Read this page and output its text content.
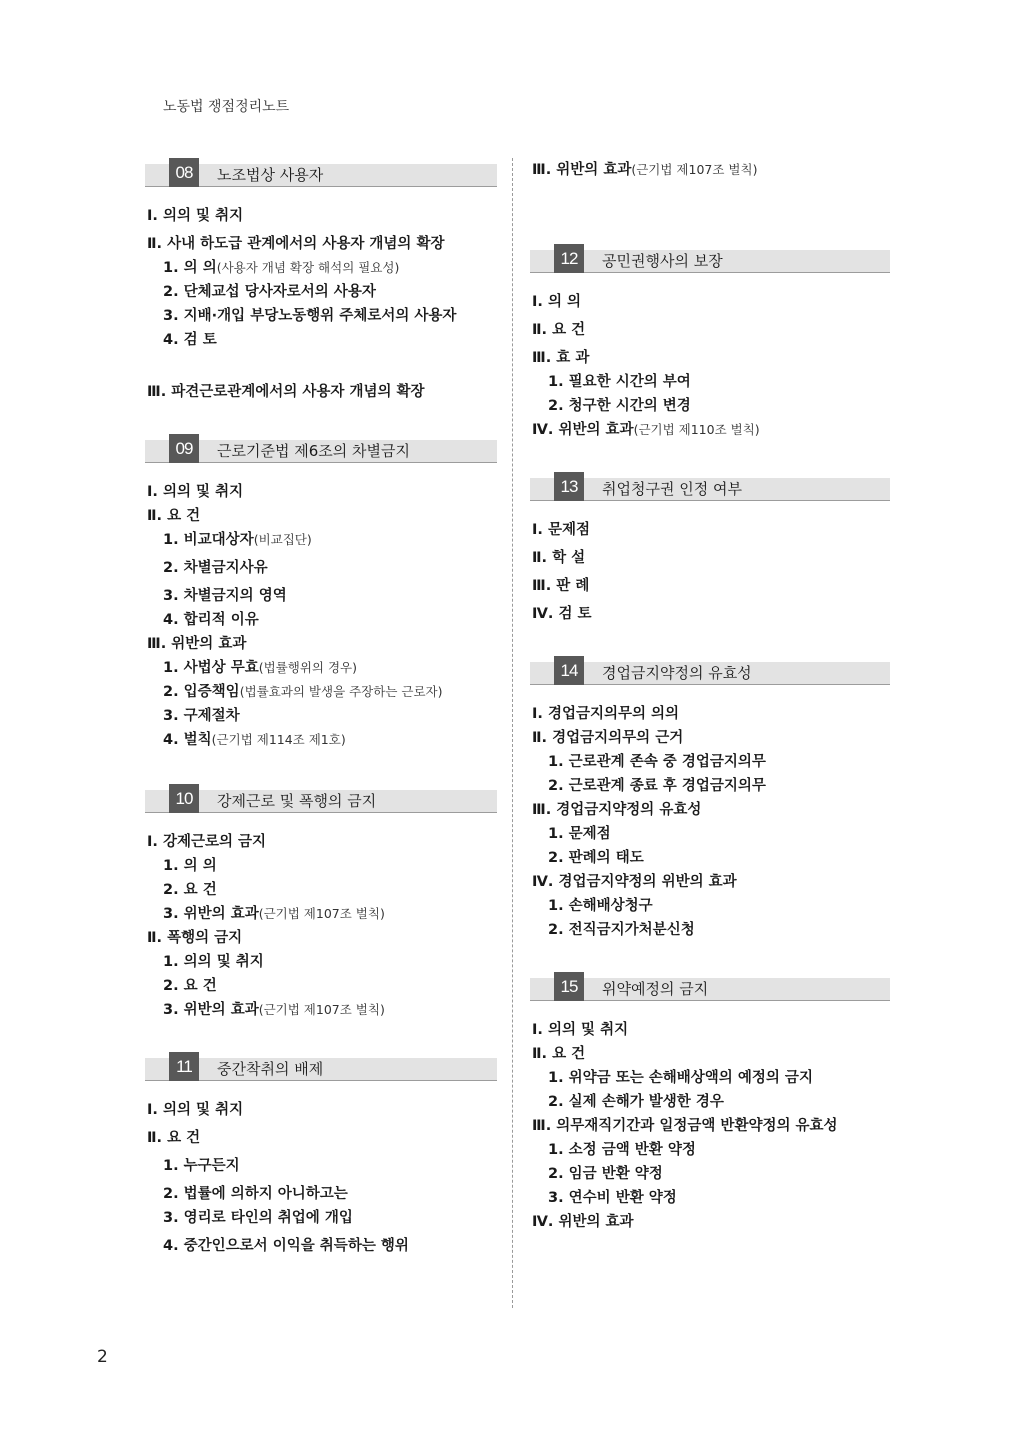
노동법 쟁점정리노트
08	노조법상 사용자
Ⅰ. 의의 및 취지
Ⅱ. 사내 하도급 관계에서의 사용자 개념의 확장
1. 의 의(사용자 개념 확장 해석의 필요성)
2. 단체교섭 당사자로서의 사용자
3. 지배·개입 부당노동행위 주체로서의 사용자
4. 검 토
Ⅲ. 파견근로관계에서의 사용자 개념의 확장
09	근로기준법 제6조의 차별금지
Ⅰ. 의의 및 취지
Ⅱ. 요 건
1. 비교대상자(비교집단)
2. 차별금지사유
3. 차별금지의 영역
4. 합리적 이유
Ⅲ. 위반의 효과
1. 사법상 무효(법률행위의 경우)
2. 입증책임(법률효과의 발생을 주장하는 근로자)
3. 구제절차
4. 벌칙(근기법 제114조 제1호)
10	강제근로 및 폭행의 금지
Ⅰ. 강제근로의 금지
1. 의 의
2. 요 건
3. 위반의 효과(근기법 제107조 벌칙)
Ⅱ. 폭행의 금지
1. 의의 및 취지
2. 요 건
3. 위반의 효과(근기법 제107조 벌칙)
11	중간착취의 배제
Ⅰ. 의의 및 취지
Ⅱ. 요 건
1. 누구든지
2. 법률에 의하지 아니하고는
3. 영리로 타인의 취업에 개입
4. 중간인으로서 이익을 취득하는 행위
Ⅲ. 위반의 효과(근기법 제107조 벌칙)
12	공민권행사의 보장
Ⅰ. 의 의
Ⅱ. 요 건
Ⅲ. 효 과
1. 필요한 시간의 부여
2. 청구한 시간의 변경
Ⅳ. 위반의 효과(근기법 제110조 벌칙)
13	취업청구권 인정 여부
Ⅰ. 문제점
Ⅱ. 학 설
Ⅲ. 판 례
Ⅳ. 검 토
14	경업금지약정의 유효성
Ⅰ. 경업금지의무의 의의
Ⅱ. 경업금지의무의 근거
1. 근로관계 존속 중 경업금지의무
2. 근로관계 종료 후 경업금지의무
Ⅲ. 경업금지약정의 유효성
1. 문제점
2. 판례의 태도
Ⅳ. 경업금지약정의 위반의 효과
1. 손해배상청구
2. 전직금지가처분신청
15	위약예정의 금지
Ⅰ. 의의 및 취지
Ⅱ. 요 건
1. 위약금 또는 손해배상액의 예정의 금지
2. 실제 손해가 발생한 경우
Ⅲ. 의무재직기간과 일정금액 반환약정의 유효성
1. 소정 금액 반환 약정
2. 임금 반환 약정
3. 연수비 반환 약정
Ⅳ. 위반의 효과
2
